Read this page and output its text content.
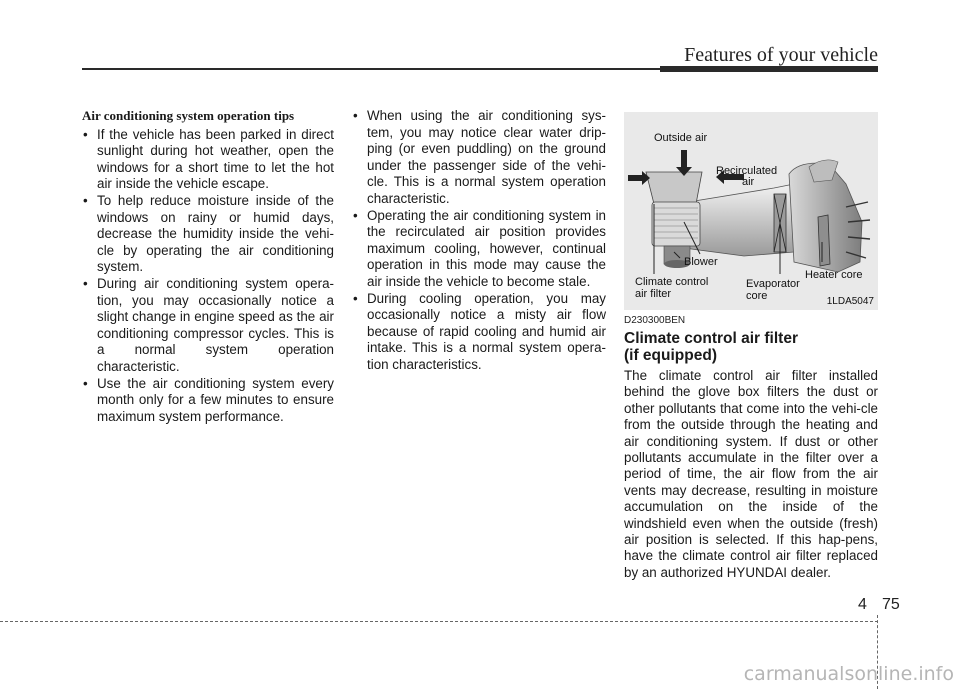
Features of your vehicle
Air conditioning system operation tips
• If the vehicle has been parked in direct sunlight during hot weather, open the windows for a short time to let the hot air inside the vehicle escape.
• To help reduce moisture inside of the windows on rainy or humid days, decrease the humidity inside the vehi-cle by operating the air conditioning system.
• During air conditioning system opera-tion, you may occasionally notice a slight change in engine speed as the air conditioning compressor cycles. This is a normal system operation characteristic.
• Use the air conditioning system every month only for a few minutes to ensure maximum system performance.
• When using the air conditioning sys-tem, you may notice clear water drip-ping (or even puddling) on the ground under the passenger side of the vehi-cle. This is a normal system operation characteristic.
• Operating the air conditioning system in the recirculated air position provides maximum cooling, however, continual operation in this mode may cause the air inside the vehicle to become stale.
• During cooling operation, you may occasionally notice a misty air flow because of rapid cooling and humid air intake. This is a normal system opera-tion characteristics.
Outside air
Recirculated
air
Blower
Heater core
Climate control
air filter
Evaporator
core	1LDA5047
D230300BEN
Climate control air filter
(if equipped)
The climate control air filter installed behind the glove box filters the dust or other pollutants that come into the vehi-cle from the outside through the heating and air conditioning system. If dust or other pollutants accumulate in the filter over a period of time, the air flow from the air vents may decrease, resulting in moisture accumulation on the inside of the windshield even when the outside (fresh) air position is selected. If this hap-pens, have the climate control air filter replaced by an authorized HYUNDAI dealer.
4 75
carmanualsonline.info
